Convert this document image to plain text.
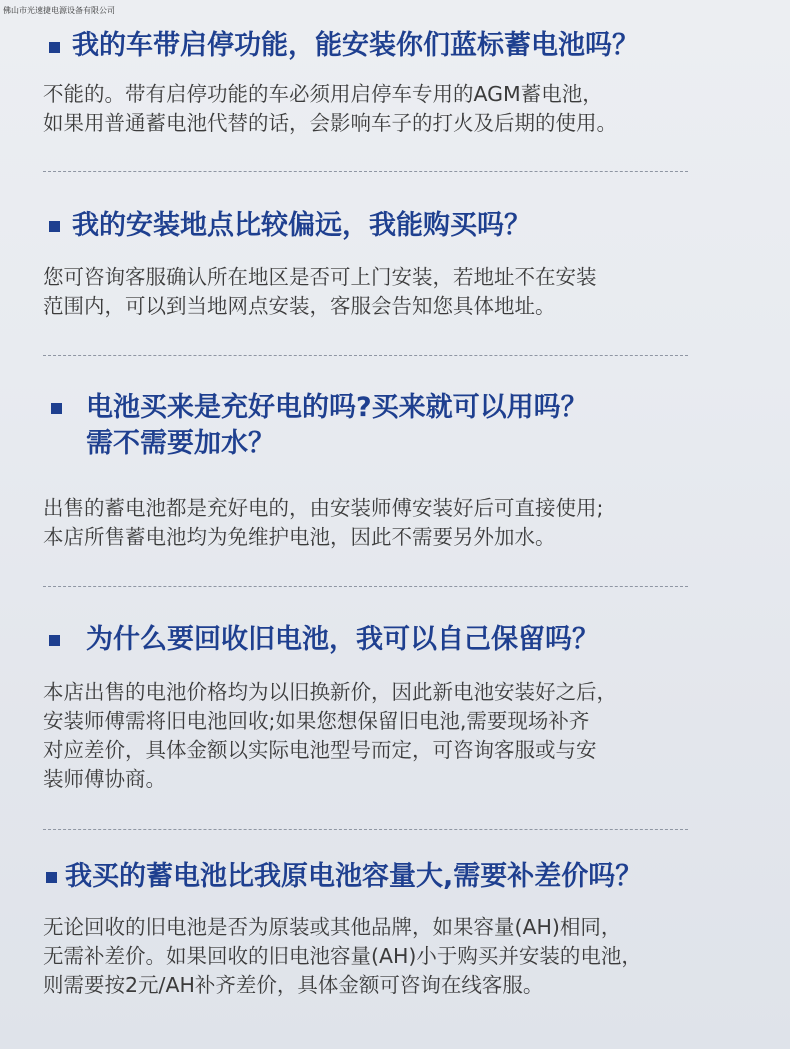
佛山市光速捷电源设备有限公司
我的车带启停功能，能安装你们蓝标蓄电池吗？
不能的。带有启停功能的车必须用启停车专用的AGM蓄电池，
如果用普通蓄电池代替的话，会影响车子的打火及后期的使用。
我的安装地点比较偏远，我能购买吗？
您可咨询客服确认所在地区是否可上门安装，若地址不在安装
范围内，可以到当地网点安装，客服会告知您具体地址。
电池买来是充好电的吗?买来就可以用吗？
需不需要加水？
出售的蓄电池都是充好电的，由安装师傅安装好后可直接使用;
本店所售蓄电池均为免维护电池，因此不需要另外加水。
为什么要回收旧电池，我可以自己保留吗？
本店出售的电池价格均为以旧换新价，因此新电池安装好之后，
安装师傅需将旧电池回收;如果您想保留旧电池,需要现场补齐
对应差价，具体金额以实际电池型号而定，可咨询客服或与安
装师傅协商。
我买的蓄电池比我原电池容量大,需要补差价吗？
无论回收的旧电池是否为原装或其他品牌，如果容量(AH)相同，
无需补差价。如果回收的旧电池容量(AH)小于购买并安装的电池，
则需要按2元/AH补齐差价，具体金额可咨询在线客服。
